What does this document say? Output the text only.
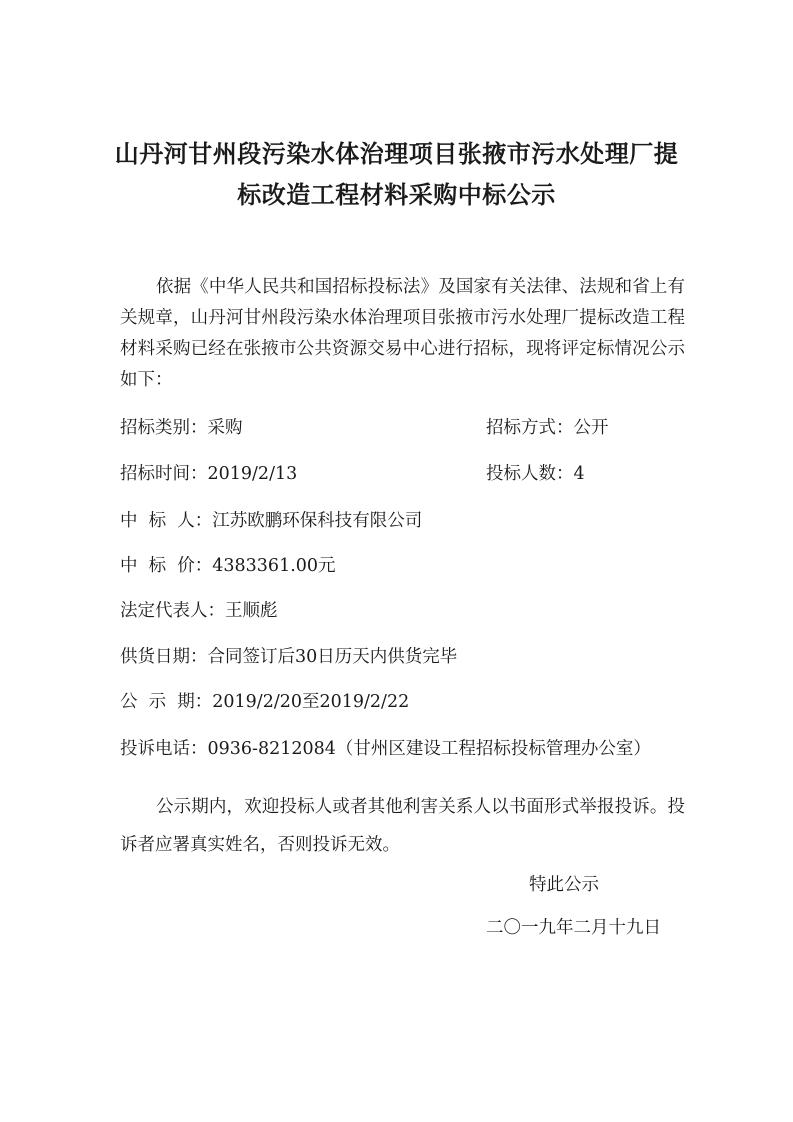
山丹河甘州段污染水体治理项目张掖市污水处理厂提
标改造工程材料采购中标公示
依据《中华人民共和国招标投标法》及国家有关法律、法规和省上有关规章，山丹河甘州段污染水体治理项目张掖市污水处理厂提标改造工程材料采购已经在张掖市公共资源交易中心进行招标，现将评定标情况公示如下：
招标类别：采购	招标方式：公开
招标时间：2019/2/13	投标人数：4
中  标  人：江苏欧鹏环保科技有限公司
中  标  价：4383361.00元
法定代表人：王顺彪
供货日期：合同签订后30日历天内供货完毕
公  示  期：2019/2/20至2019/2/22
投诉电话：0936-8212084（甘州区建设工程招标投标管理办公室）
公示期内，欢迎投标人或者其他利害关系人以书面形式举报投诉。投诉者应署真实姓名，否则投诉无效。
特此公示
二〇一九年二月十九日
